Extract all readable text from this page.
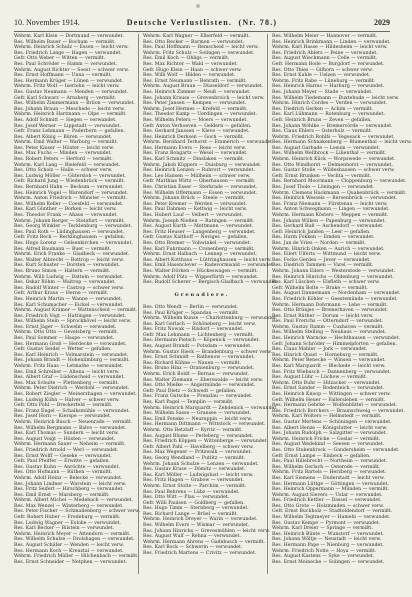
10. November 1914.	Deutsche Verlustlisten. (Nr. 78.)	2029
Wehrm. Karl Klein — Dortmund — verwundet.
Res. Wilhelm Bauer — Bochum — vermißt.
Wehrm. Heinrich Schulz — Essen — leicht verw.
Res. Friedrich Lange — Hagen — verwundet.
Gefr. Otto Weber — Witten — vermißt.
Res. Paul Schröder — Hamm — verwundet.
Wehrm. August Richter — Soest — schwer verw.
Res. Ernst Hoffmann — Unna — vermißt.
Res. Hermann Krüger — Lünen — verwundet.
Wehrm. Fritz Wolf — Iserlohn — leicht verw.
Res. Gustav Neumann — Menden — verwundet.
Gefr. Karl Schwarz — Arnsberg — vermißt.
Res. Wilhelm Zimmermann — Brilon — verwundet.
Res. Johann Braun — Meschede — leicht verw.
Wehrm. Heinrich Hartmann — Olpe — vermißt.
Res. Adolf Schmitt — Siegen — verwundet.
Res. Josef Werner — Lippstadt — verwundet.
Gefr. Franz Lehmann — Paderborn — gefallen.
Res. Albert König — Büren — verwundet.
Wehrm. Emil Walter — Warburg — vermißt.
Res. Peter Kaiser — Höxter — leicht verw.
Res. Max Fuchs — Minden — verwundet.
Res. Robert Peters — Herford — vermißt.
Wehrm. Karl Lang — Bielefeld — verwundet.
Res. Otto Scholz — Halle — schwer verw.
Res. Ludwig Möller — Gütersloh — verwundet.
Gefr. Richard Jung — Wiedenbrück — vermißt.
Res. Bernhard Hahn — Beckum — verwundet.
Res. Heinrich Vogel — Warendorf — verwundet.
Wehrm. Anton Friedrich — Münster — vermißt.
Res. Wilhelm Keller — Coesfeld — verwundet.
Res. Karl Günther — Borken — leicht verw.
Res. Theodor Frank — Ahaus — verwundet.
Wehrm. Johann Berger — Steinfurt — vermißt.
Res. Georg Winkler — Tecklenburg — verwundet.
Res. Paul Roth — Lüdinghausen — verwundet.
Gefr. Fritz Beck — Recklinghausen — gefallen.
Res. Hugo Lorenz — Gelsenkirchen — verwundet.
Res. Alfred Baumann — Buer — vermißt.
Wehrm. Erich Franke — Gladbeck — verwundet.
Res. Walter Albrecht — Bottrop — leicht verw.
Res. Kurt Schuster — Dorsten — verwundet.
Res. Bruno Simon — Haltern — vermißt.
Wehrm. Willi Ludwig — Datteln — verwundet.
Res. Oskar Böhm — Waltrop — verwundet.
Res. Rudolf Winter — Castrop — schwer verw.
Gefr. Arthur Kraus — Herne — vermißt.
Res. Heinrich Martin — Wanne — verwundet.
Res. Karl Schumacher — Eickel — verwundet.
Wehrm. August Krämer — Wattenscheid — vermißt.
Res. Friedrich Vogt — Hattingen — verwundet.
Res. Wilhelm Stein — Sprockhövel — leicht verw.
Res. Ernst Jäger — Schwelm — verwundet.
Wehrm. Otto Otto — Gevelsberg — vermißt.
Res. Paul Sommer — Haspe — verwundet.
Res. Hermann Groß — Herdecke — verwundet.
Gefr. Gustav Seidel — Wetter — gefallen.
Res. Karl Heinrich — Volmarstein — verwundet.
Res. Johann Brandt — Hohenlimburg — vermißt.
Wehrm. Fritz Haas — Letmathe — verwundet.
Res. Emil Schreiber — Altena — leicht verw.
Res. Albert Graf — Lüdenscheid — verwundet.
Res. Max Schulte — Plettenberg — vermißt.
Wehrm. Peter Dietrich — Werdohl — verwundet.
Res. Robert Ziegler — Meinerzhagen — verwundet.
Res. Ludwig Kühn — Halver — schwer verw.
Gefr. Otto Pohl — Breckerfeld — vermißt.
Res. Franz Engel — Schalksmühle — verwundet.
Res. Josef Horn — Kierspe — verwundet.
Wehrm. Heinrich Busch — Neuenrade — vermißt.
Res. Wilhelm Bergmann — Balve — verwundet.
Res. Karl Thomas — Sundern — leicht verw.
Res. August Voigt — Hüsten — verwundet.
Wehrm. Hermann Sauer — Neheim — vermißt.
Res. Friedrich Arnold — Werl — verwundet.
Res. Ernst Wolff — Geseke — verwundet.
Gefr. Paul Pfeiffer — Erwitte — gefallen.
Res. Gustav Kuhn — Anröchte — verwundet.
Res. Otto Hofmann — Rüthen — vermißt.
Wehrm. Adolf Heinz — Belecke — verwundet.
Res. Johann Lindner — Warstein — leicht verw.
Res. Fritz Seifert — Hirschberg — verwundet.
Res. Emil Ernst — Marsberg — vermißt.
Wehrm. Albert Michel — Medebach — verwundet.
Res. Max Wenzel — Winterberg — verwundet.
Res. Peter Fischer — Schmallenberg — schwer verw.
Gefr. Robert Huber — Fredeburg — vermißt.
Res. Ludwig Wagner — Eslohe — verwundet.
Res. Karl Becker — Bilstein — verwundet.
Wehrm. Heinrich Meyer — Attendorn — vermißt.
Res. Wilhelm Schulze — Drolshagen — verwundet.
Res. August Schäfer — Wenden — leicht verw.
Res. Hermann Koch — Kreuztal — verwundet.
Wehrm. Friedrich Müller — Hilchenbach — vermißt.
Res. Ernst Schneider — Netphen — verwundet.
Wehrm. Karl Wagner — Elberfeld — vermißt.
Res. Otto Becker — Barmen — verwundet.
Res. Paul Hoffmann — Remscheid — leicht verw.
Wehrm. Fritz Schulz — Solingen — verwundet.
Res. Emil Koch — Ohligs — vermißt.
Res. Max Richter — Wald — verwundet.
Gefr. Hugo Klein — Haan — schwer verw.
Res. Willi Wolf — Hilden — verwundet.
Res. Ernst Neumann — Benrath — vermißt.
Wehrm. August Braun — Düsseldorf — verwundet.
Res. Heinrich Zimmer — Neuß — verwundet.
Res. Johann Krause — Grevenbroich — leicht verw.
Res. Peter Jansen — Kempen — verwundet.
Wehrm. Josef Hermes — Krefeld — vermißt.
Res. Theodor Kamp — Uerdingen — verwundet.
Res. Wilhelm Peters — Moers — verwundet.
Gefr. Anton Verhoeven — Geldern — gefallen.
Res. Gerhard Janssen — Kleve — verwundet.
Res. Heinrich Derksen — Goch — vermißt.
Wehrm. Bernhard Terhorst — Emmerich — verwundet.
Res. Hermann Evers — Rees — leicht verw.
Res. Franz Bongartz — Wesel — verwundet.
Res. Karl Schmitz — Dinslaken — vermißt.
Wehrm. Jakob Küppers — Duisburg — verwundet.
Res. Heinrich Lenzen — Ruhrort — verwundet.
Res. Leo Hansen — Mülheim — schwer verw.
Gefr. Matthias Wirtz — Oberhausen — vermißt.
Res. Christian Esser — Sterkrade — verwundet.
Res. Wilhelm Offermann — Essen — verwundet.
Wehrm. Johann Brück — Steele — vermißt.
Res. Peter Kremer — Werden — verwundet.
Res. Paul Dahmen — Kettwig — leicht verw.
Res. Hubert Lauf — Velbert — verwundet.
Wehrm. Joseph Nießen — Ratingen — vermißt.
Res. August Kurth — Mettmann — verwundet.
Res. Fritz Heuser — Langenberg — verwundet.
Gefr. Gustav Kalthoff — Neviges — gefallen.
Res. Otto Bremer — Vohwinkel — verwundet.
Res. Karl Fuhrmann — Cronenberg — vermißt.
Wehrm. Ernst Halbach — Lennep — verwundet.
Res. Albert Kotthaus — Lüttringhausen — leicht verw.
Res. Emil Hasenclever — Radevormwald — verwundet.
Res. Walter Dörken — Hückeswagen — vermißt.
Wehrm. Adolf Pütz — Wipperfürth — verwundet.
Res. Rudolf Scherer — Bergisch-Gladbach — verwundet.
Grenadiere.
Res. Otto Wendt — Berlin — verwundet.
Res. Paul Krüger — Spandau — vermißt.
Wehrm. Wilhelm Kunze — Charlottenburg — verwundet.
Res. Karl Gerlach — Schöneberg — leicht verw.
Res. Fritz Nowak — Rixdorf — verwundet.
Gefr. Max Lehmann — Lichtenberg — vermißt.
Res. Hermann Pietsch — Köpenick — verwundet.
Res. August Brandt — Potsdam — verwundet.
Wehrm. Gustav Rieck — Brandenburg — schwer verw.
Res. Ernst Schmidt — Rathenow — verwundet.
Res. Richard Kühne — Nauen — vermißt.
Res. Bruno Hinz — Oranienburg — verwundet.
Wehrm. Erich Boldt — Bernau — verwundet.
Res. Walter Ziemann — Eberswalde — leicht verw.
Res. Otto Mielke — Angermünde — verwundet.
Gefr. Paul Dietz — Schwedt — gefallen.
Res. Franz Gutsche — Prenzlau — verwundet.
Res. Karl Pagel — Templin — vermißt.
Wehrm. Heinrich Marquardt — Zehdenick — verwundet.
Res. Wilhelm Sasse — Gransee — verwundet.
Res. Emil Fenske — Neuruppin — leicht verw.
Res. Hermann Dittmann — Wittstock — verwundet.
Wehrm. Otto Retzlaff — Kyritz — vermißt.
Res. August Blume — Perleberg — verwundet.
Res. Friedrich Köppen — Wittenberge — verwundet.
Gefr. Albert Pahl — Havelberg — schwer verw.
Res. Max Wegener — Pritzwalk — verwundet.
Res. Georg Wendland — Putlitz — vermißt.
Wehrm. Johann Schulze — Lenzen — verwundet.
Res. Gustav Kruse — Dömitz — verwundet.
Res. Karl Möller — Ludwigslust — leicht verw.
Res. Fritz Hagen — Grabow — verwundet.
Wehrm. Ernst Stolte — Parchim — vermißt.
Res. Paul Behrens — Lübz — verwundet.
Res. Otto Witt — Plau — verwundet.
Gefr. Willi Paulsen — Goldberg — gefallen.
Res. Hugo Timm — Sternberg — verwundet.
Res. Richard Lange — Brüel — vermißt.
Wehrm. Heinrich Dreyer — Warin — verwundet.
Res. Wilhelm Evers — Wismar — verwundet.
Res. Johann Hinrichs — Grevesmühlen — leicht verw.
Res. August Wulf — Rehna — verwundet.
Wehrm. Hermann Ahrens — Gadebusch — vermißt.
Res. Karl Bock — Schwerin — verwundet.
Res. Friedrich Martens — Crivitz — verwundet.
Res. Wilhelm Meier — Hannover — vermißt.
Res. Heinrich Brinkmann — Linden — verwundet.
Wehrm. Karl Hasse — Hildesheim — leicht verw.
Res. Friedrich Ahlers — Peine — verwundet.
Res. August Wiechmann — Celle — vermißt.
Gefr. Hermann Bode — Burgdorf — verwundet.
Res. Otto Thies — Gifhorn — schwer verw.
Res. Ernst Kahle — Uelzen — verwundet.
Wehrm. Fritz Rabe — Lüneburg — vermißt.
Res. Heinrich Harms — Harburg — verwundet.
Res. Johann Meyer — Stade — verwundet.
Res. Wilhelm Tiedemann — Buxtehude — leicht verw.
Wehrm. Hinrich Cordes — Verden — verwundet.
Res. Diedrich Gerken — Achim — vermißt.
Res. Karl Lühmann — Rotenburg — verwundet.
Gefr. Heinrich Bruns — Zeven — gefallen.
Res. Johann Wöhlke — Bremervörde — verwundet.
Res. Claus Ehlers — Osterholz — vermißt.
Wehrm. Friedrich Rohlfs — Vegesack — verwundet.
Res. Hermann Schnakenberg — Blumenthal — leicht verw.
Res. August Garbade — Lesum — verwundet.
Res. Wilhelm Wellbrock — Lilienthal — vermißt.
Wehrm. Heinrich Kück — Worpswede — verwundet.
Res. Otto Windhorst — Delmenhorst — verwundet.
Res. Gustav Stolle — Wildeshausen — schwer verw.
Gefr. Ernst Brunken — Vechta — vermißt.
Res. Bernhard Moormann — Cloppenburg — verwundet.
Res. Josef Thole — Löningen — verwundet.
Wehrm. Clemens Hackmann — Quakenbrück — vermißt.
Res. Heinrich Wessels — Bersenbrück — verwundet.
Res. Franz Niemann — Fürstenau — leicht verw.
Res. Anton Schwegmann — Lingen — verwundet.
Wehrm. Hermann Kösters — Meppen — vermißt.
Res. Johann Wilken — Papenburg — verwundet.
Res. Gerhard Buß — Aschendorf — verwundet.
Gefr. Heinrich Janßen — Leer — gefallen.
Res. Harm Fokken — Emden — verwundet.
Res. Jan de Vries — Norden — vermißt.
Wehrm. Hinrich Onken — Aurich — verwundet.
Res. Eilert Ulferts — Wittmund — leicht verw.
Res. Focke Gerdes — Jever — verwundet.
Res. Diedrich Tammen — Varel — vermißt.
Wehrm. Johann Eilers — Westerstede — verwundet.
Res. Heinrich Hinrichs — Oldenburg — verwundet.
Res. Karl Lüschen — Elsfleth — schwer verw.
Gefr. Wilhelm Bolte — Brake — vermißt.
Res. August Dannemann — Nordenham — verwundet.
Res. Friedrich Köhler — Geestemünde — verwundet.
Wehrm. Hermann Dohrmann — Lehe — vermißt.
Res. Otto Brünjes — Bremerhaven — verwundet.
Res. Ernst Rüther — Dorum — leicht verw.
Res. Paul Frerichs — Otterndorf — verwundet.
Wehrm. Gustav Ramm — Cuxhaven — vermißt.
Res. Wilhelm Stelling — Neuhaus — verwundet.
Res. Heinrich Warncke — Hechthausen — verwundet.
Gefr. Johann Schröder — Himmelpforten — gefallen.
Res. Claus Mahler — Jork — verwundet.
Res. Hinrich Quast — Horneburg — vermißt.
Wehrm. Peter Benecke — Winsen — verwundet.
Res. Karl Marquardt — Bleckede — leicht verw.
Res. Fritz Wiebusch — Dannenberg — verwundet.
Res. August Lühr — Lüchow — vermißt.
Wehrm. Otto Buhr — Hitzacker — verwundet.
Res. Ernst Sander — Bodenteich — verwundet.
Res. Heinrich Knoop — Wittingen — schwer verw.
Gefr. Wilhelm Heuer — Fallersleben — vermißt.
Res. Hermann Gehrke — Wolfenbüttel — verwundet.
Res. Friedrich Borchers — Braunschweig — verwundet.
Wehrm. Karl Wolters — Helmstedt — vermißt.
Res. Gustav Mertens — Schöningen — verwundet.
Res. Albert Henze — Königslutter — leicht verw.
Res. Johann Rudolph — Salzgitter — verwundet.
Wehrm. Heinrich Fricke — Goslar — vermißt.
Res. August Wedekind — Seesen — verwundet.
Res. Otto Stukenbrock — Gandersheim — verwundet.
Gefr. Ernst Lampe — Einbeck — gefallen.
Res. Paul Hillebrecht — Northeim — verwundet.
Res. Wilhelm Gerlach — Osterode — vermißt.
Wehrm. Fritz Bartels — Herzberg — verwundet.
Res. Karl Siemens — Duderstadt — leicht verw.
Res. Hermann Lüttge — Göttingen — verwundet.
Res. Heinrich Oppermann — Münden — vermißt.
Wehrm. August Sievers — Uslar — verwundet.
Res. Friedrich Kettler — Dassel — verwundet.
Res. Otto Grote — Holzminden — schwer verw.
Gefr. Ernst Buchholz — Stadtoldendorf — vermißt.
Res. Wilhelm Tegtmeyer — Hameln — verwundet.
Res. Gustav Kempe — Pyrmont — verwundet.
Wehrm. Karl Dreier — Springe — vermißt.
Res. Heinrich Bünte — Wunstorf — verwundet.
Res. Johann Wöltje — Neustadt — leicht verw.
Res. Hermann Pape — Nienburg — verwundet.
Wehrm. Friedrich Nolte — Hoya — vermißt.
Res. August Kastens — Syke — verwundet.
Res. Ernst Meinecke — Sulingen — verwundet.
